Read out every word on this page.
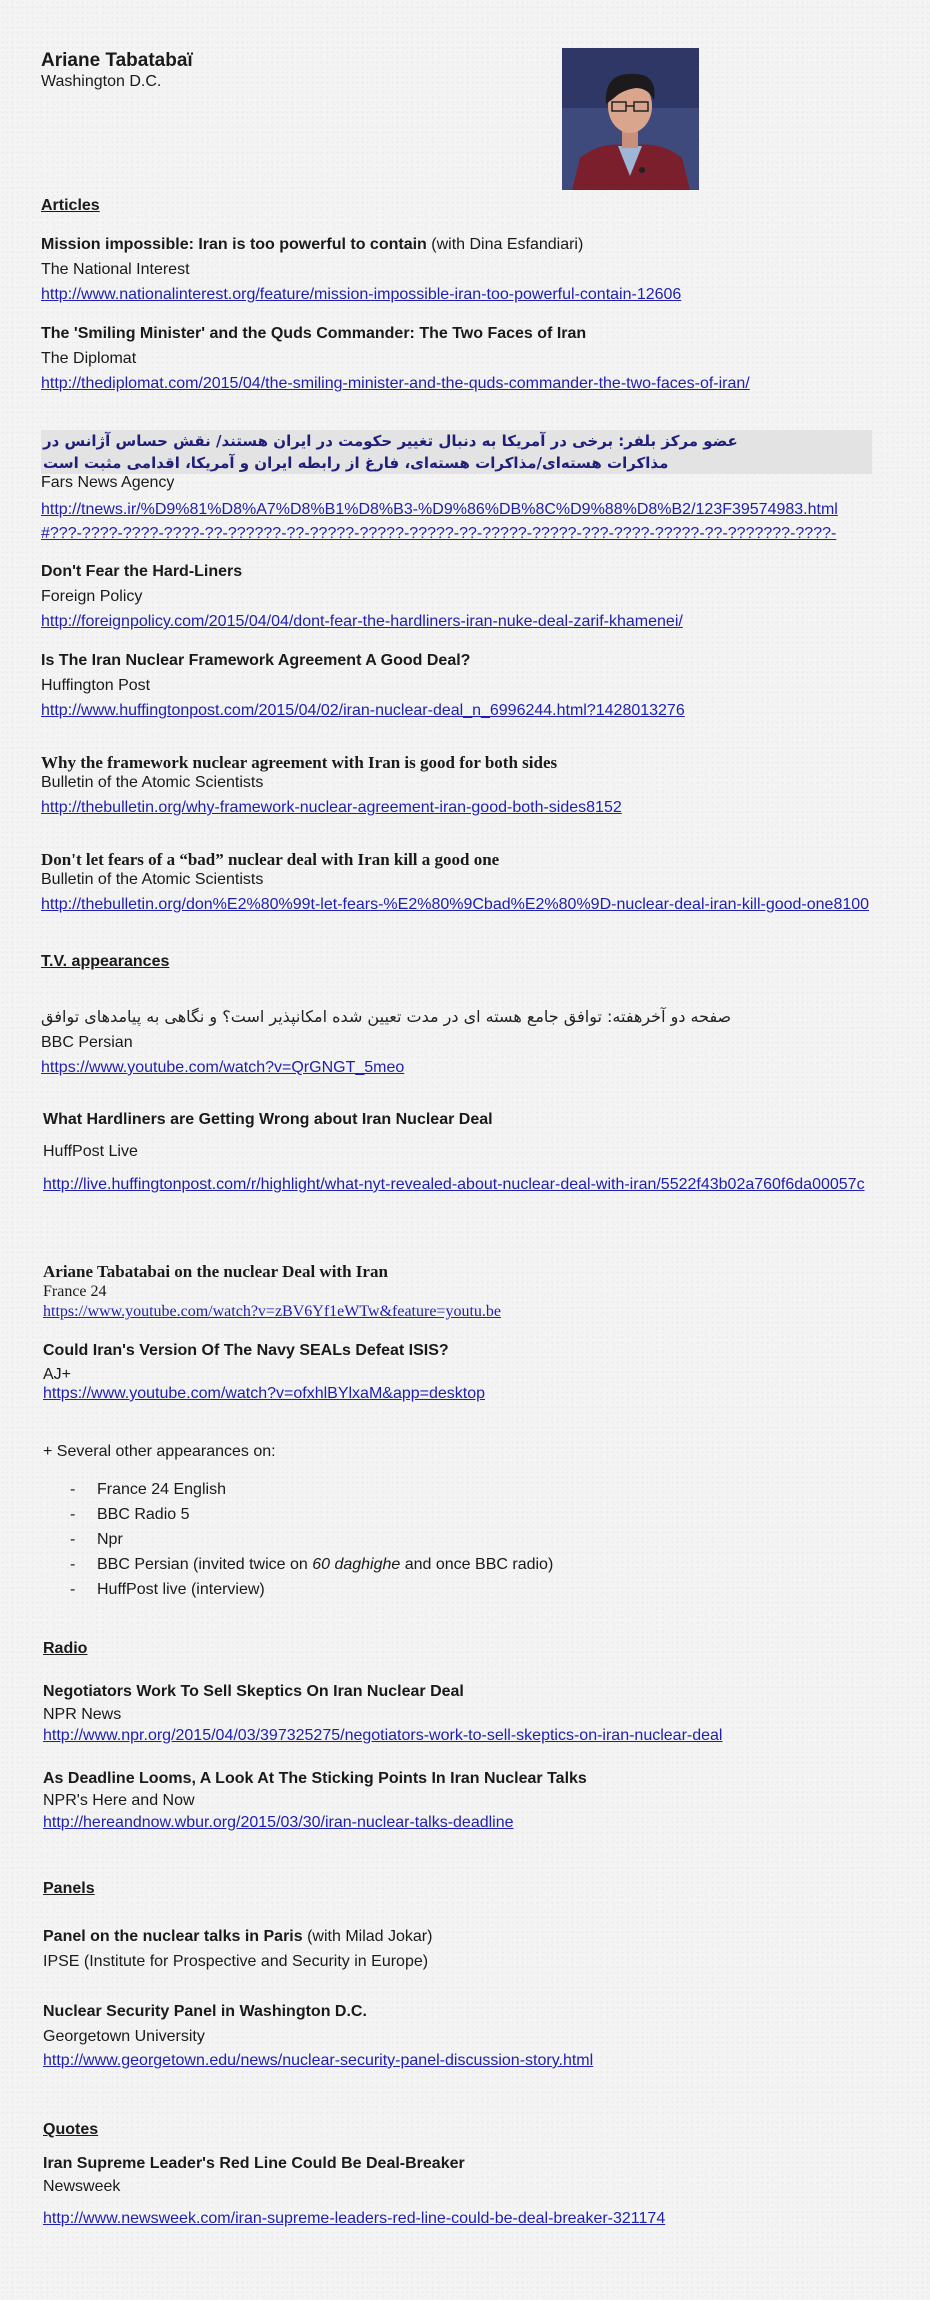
Ariane Tabatabaï
Washington D.C.
Articles
Mission impossible: Iran is too powerful to contain (with Dina Esfandiari)
The National Interest
http://www.nationalinterest.org/feature/mission-impossible-iran-too-powerful-contain-12606
The 'Smiling Minister' and the Quds Commander: The Two Faces of Iran
The Diplomat
http://thediplomat.com/2015/04/the-smiling-minister-and-the-quds-commander-the-two-faces-of-iran/
عضو مرکز بلفر: برخی در آمریکا به دنبال تغییر حکومت در ایران هستند/ نقش حساس آژانس در مذاکرات هسته‌ای/مذاکرات هسته‌ای، فارغ از رابطه ایران و آمریکا، اقدامی مثبت است
Fars News Agency
http://tnews.ir/%D9%81%D8%A7%D8%B1%D8%B3-%D9%86%DB%8C%D9%88%D8%B2/123F39574983.html#???-????-????-????-??-??????-??-?????-?????-?????-??-?????-?????-???-????-?????-??-???????-????-
Don't Fear the Hard-Liners
Foreign Policy
http://foreignpolicy.com/2015/04/04/dont-fear-the-hardliners-iran-nuke-deal-zarif-khamenei/
Is The Iran Nuclear Framework Agreement A Good Deal?
Huffington Post
http://www.huffingtonpost.com/2015/04/02/iran-nuclear-deal_n_6996244.html?1428013276
Why the framework nuclear agreement with Iran is good for both sides
Bulletin of the Atomic Scientists
http://thebulletin.org/why-framework-nuclear-agreement-iran-good-both-sides8152
Don't let fears of a “bad” nuclear deal with Iran kill a good one
Bulletin of the Atomic Scientists
http://thebulletin.org/don%E2%80%99t-let-fears-%E2%80%9Cbad%E2%80%9D-nuclear-deal-iran-kill-good-one8100
T.V. appearances
صفحه دو آخرهفته: توافق جامع هسته ای در مدت تعیین شده امکانپذیر است؟ و نگاهی به پیامدهای توافق
BBC Persian
https://www.youtube.com/watch?v=QrGNGT_5meo
What Hardliners are Getting Wrong about Iran Nuclear Deal
HuffPost Live
http://live.huffingtonpost.com/r/highlight/what-nyt-revealed-about-nuclear-deal-with-iran/5522f43b02a760f6da00057c
Ariane Tabatabai on the nuclear Deal with Iran
France 24
https://www.youtube.com/watch?v=zBV6Yf1eWTw&feature=youtu.be
Could Iran's Version Of The Navy SEALs Defeat ISIS?
AJ+
https://www.youtube.com/watch?v=ofxhlBYlxaM&app=desktop
+ Several other appearances on:
- France 24 English
- BBC Radio 5
- Npr
- BBC Persian (invited twice on 60 daghighe and once BBC radio)
- HuffPost live (interview)
Radio
Negotiators Work To Sell Skeptics On Iran Nuclear Deal
NPR News
http://www.npr.org/2015/04/03/397325275/negotiators-work-to-sell-skeptics-on-iran-nuclear-deal
As Deadline Looms, A Look At The Sticking Points In Iran Nuclear Talks
NPR's Here and Now
http://hereandnow.wbur.org/2015/03/30/iran-nuclear-talks-deadline
Panels
Panel on the nuclear talks in Paris (with Milad Jokar)
IPSE (Institute for Prospective and Security in Europe)
Nuclear Security Panel in Washington D.C.
Georgetown University
http://www.georgetown.edu/news/nuclear-security-panel-discussion-story.html
Quotes
Iran Supreme Leader's Red Line Could Be Deal-Breaker
Newsweek
http://www.newsweek.com/iran-supreme-leaders-red-line-could-be-deal-breaker-321174
